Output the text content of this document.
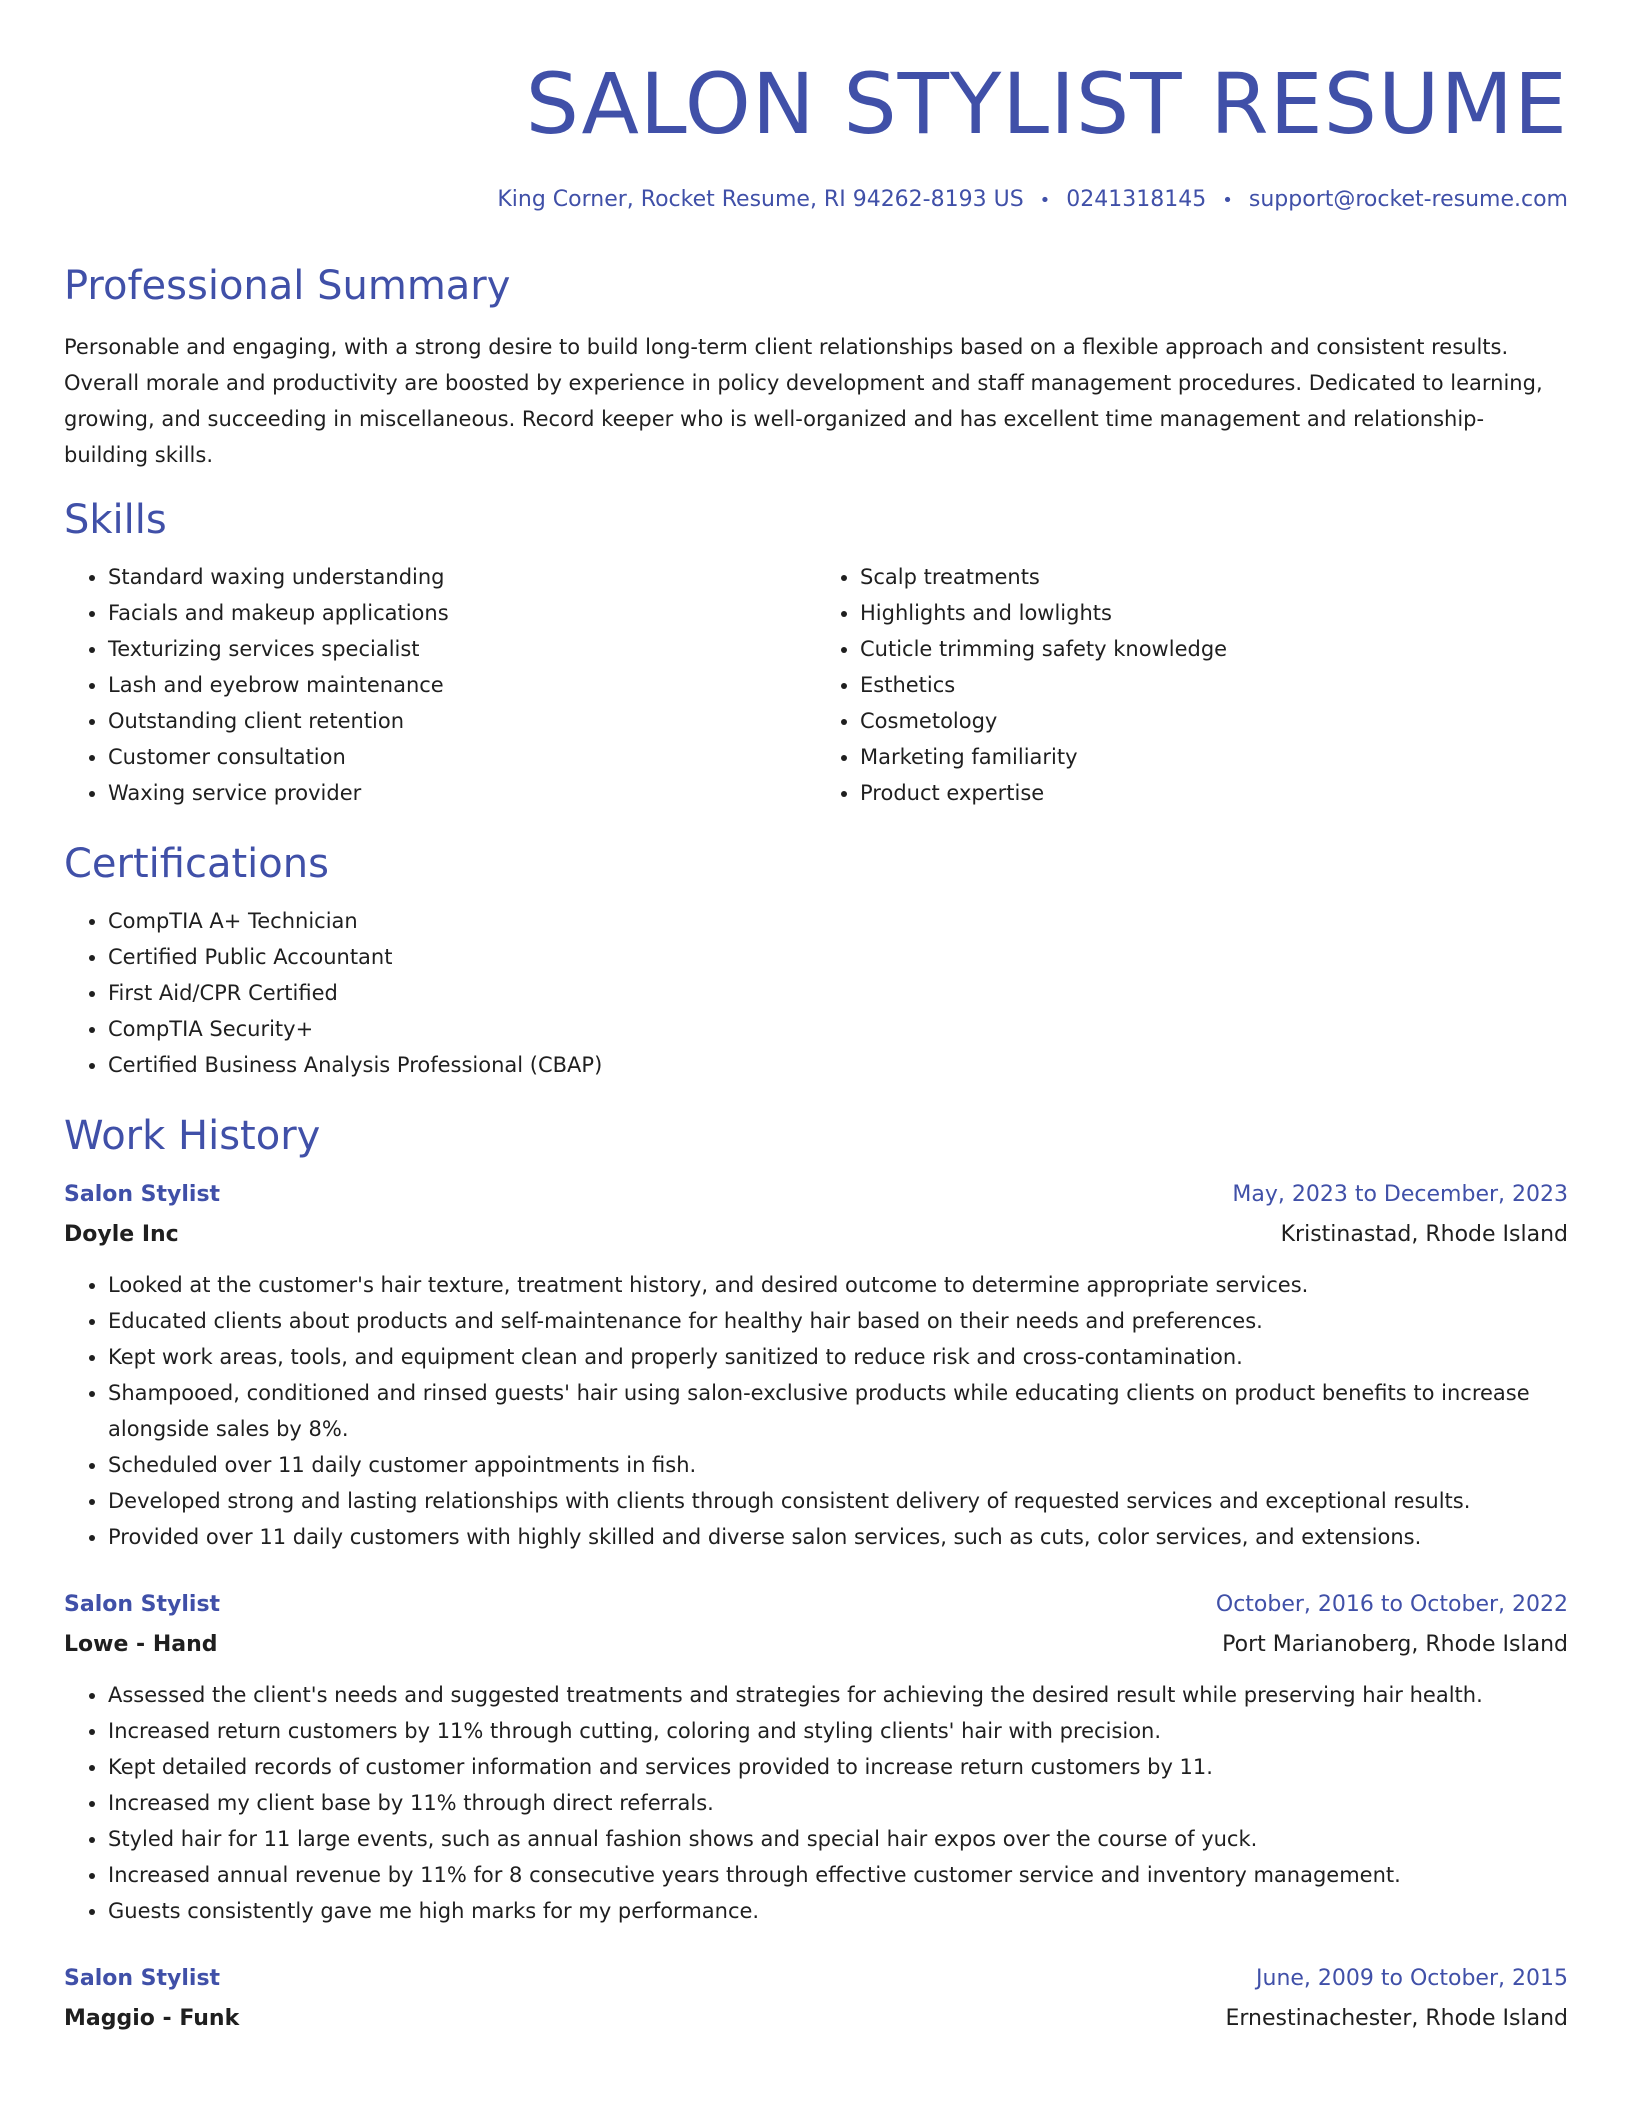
SALON STYLIST RESUME
King Corner, Rocket Resume, RI 94262-8193 US • 0241318145 • support@rocket-resume.com
Professional Summary

Personable and engaging, with a strong desire to build long-term client relationships based on a flexible approach and consistent results. Overall morale and productivity are boosted by experience in policy development and staff management procedures. Dedicated to learning, growing, and succeeding in miscellaneous. Record keeper who is well-organized and has excellent time management and relationship-building skills.

Skills
• Standard waxing understanding
• Facials and makeup applications
• Texturizing services specialist
• Lash and eyebrow maintenance
• Outstanding client retention
• Customer consultation
• Waxing service provider
• Scalp treatments
• Highlights and lowlights
• Cuticle trimming safety knowledge
• Esthetics
• Cosmetology
• Marketing familiarity
• Product expertise
Certifications
• CompTIA A+ Technician
• Certified Public Accountant
• First Aid/CPR Certified
• CompTIA Security+
• Certified Business Analysis Professional (CBAP)
Work History
Salon Stylist	May, 2023 to December, 2023
Doyle Inc	Kristinastad, Rhode Island
• Looked at the customer's hair texture, treatment history, and desired outcome to determine appropriate services.
• Educated clients about products and self-maintenance for healthy hair based on their needs and preferences.
• Kept work areas, tools, and equipment clean and properly sanitized to reduce risk and cross-contamination.
• Shampooed, conditioned and rinsed guests' hair using salon-exclusive products while educating clients on product benefits to increase alongside sales by 8%.
• Scheduled over 11 daily customer appointments in fish.
• Developed strong and lasting relationships with clients through consistent delivery of requested services and exceptional results.
• Provided over 11 daily customers with highly skilled and diverse salon services, such as cuts, color services, and extensions.
Salon Stylist	October, 2016 to October, 2022
Lowe - Hand	Port Marianoberg, Rhode Island
• Assessed the client's needs and suggested treatments and strategies for achieving the desired result while preserving hair health.
• Increased return customers by 11% through cutting, coloring and styling clients' hair with precision.
• Kept detailed records of customer information and services provided to increase return customers by 11.
• Increased my client base by 11% through direct referrals.
• Styled hair for 11 large events, such as annual fashion shows and special hair expos over the course of yuck.
• Increased annual revenue by 11% for 8 consecutive years through effective customer service and inventory management.
• Guests consistently gave me high marks for my performance.
Salon Stylist	June, 2009 to October, 2015
Maggio - Funk	Ernestinachester, Rhode Island
